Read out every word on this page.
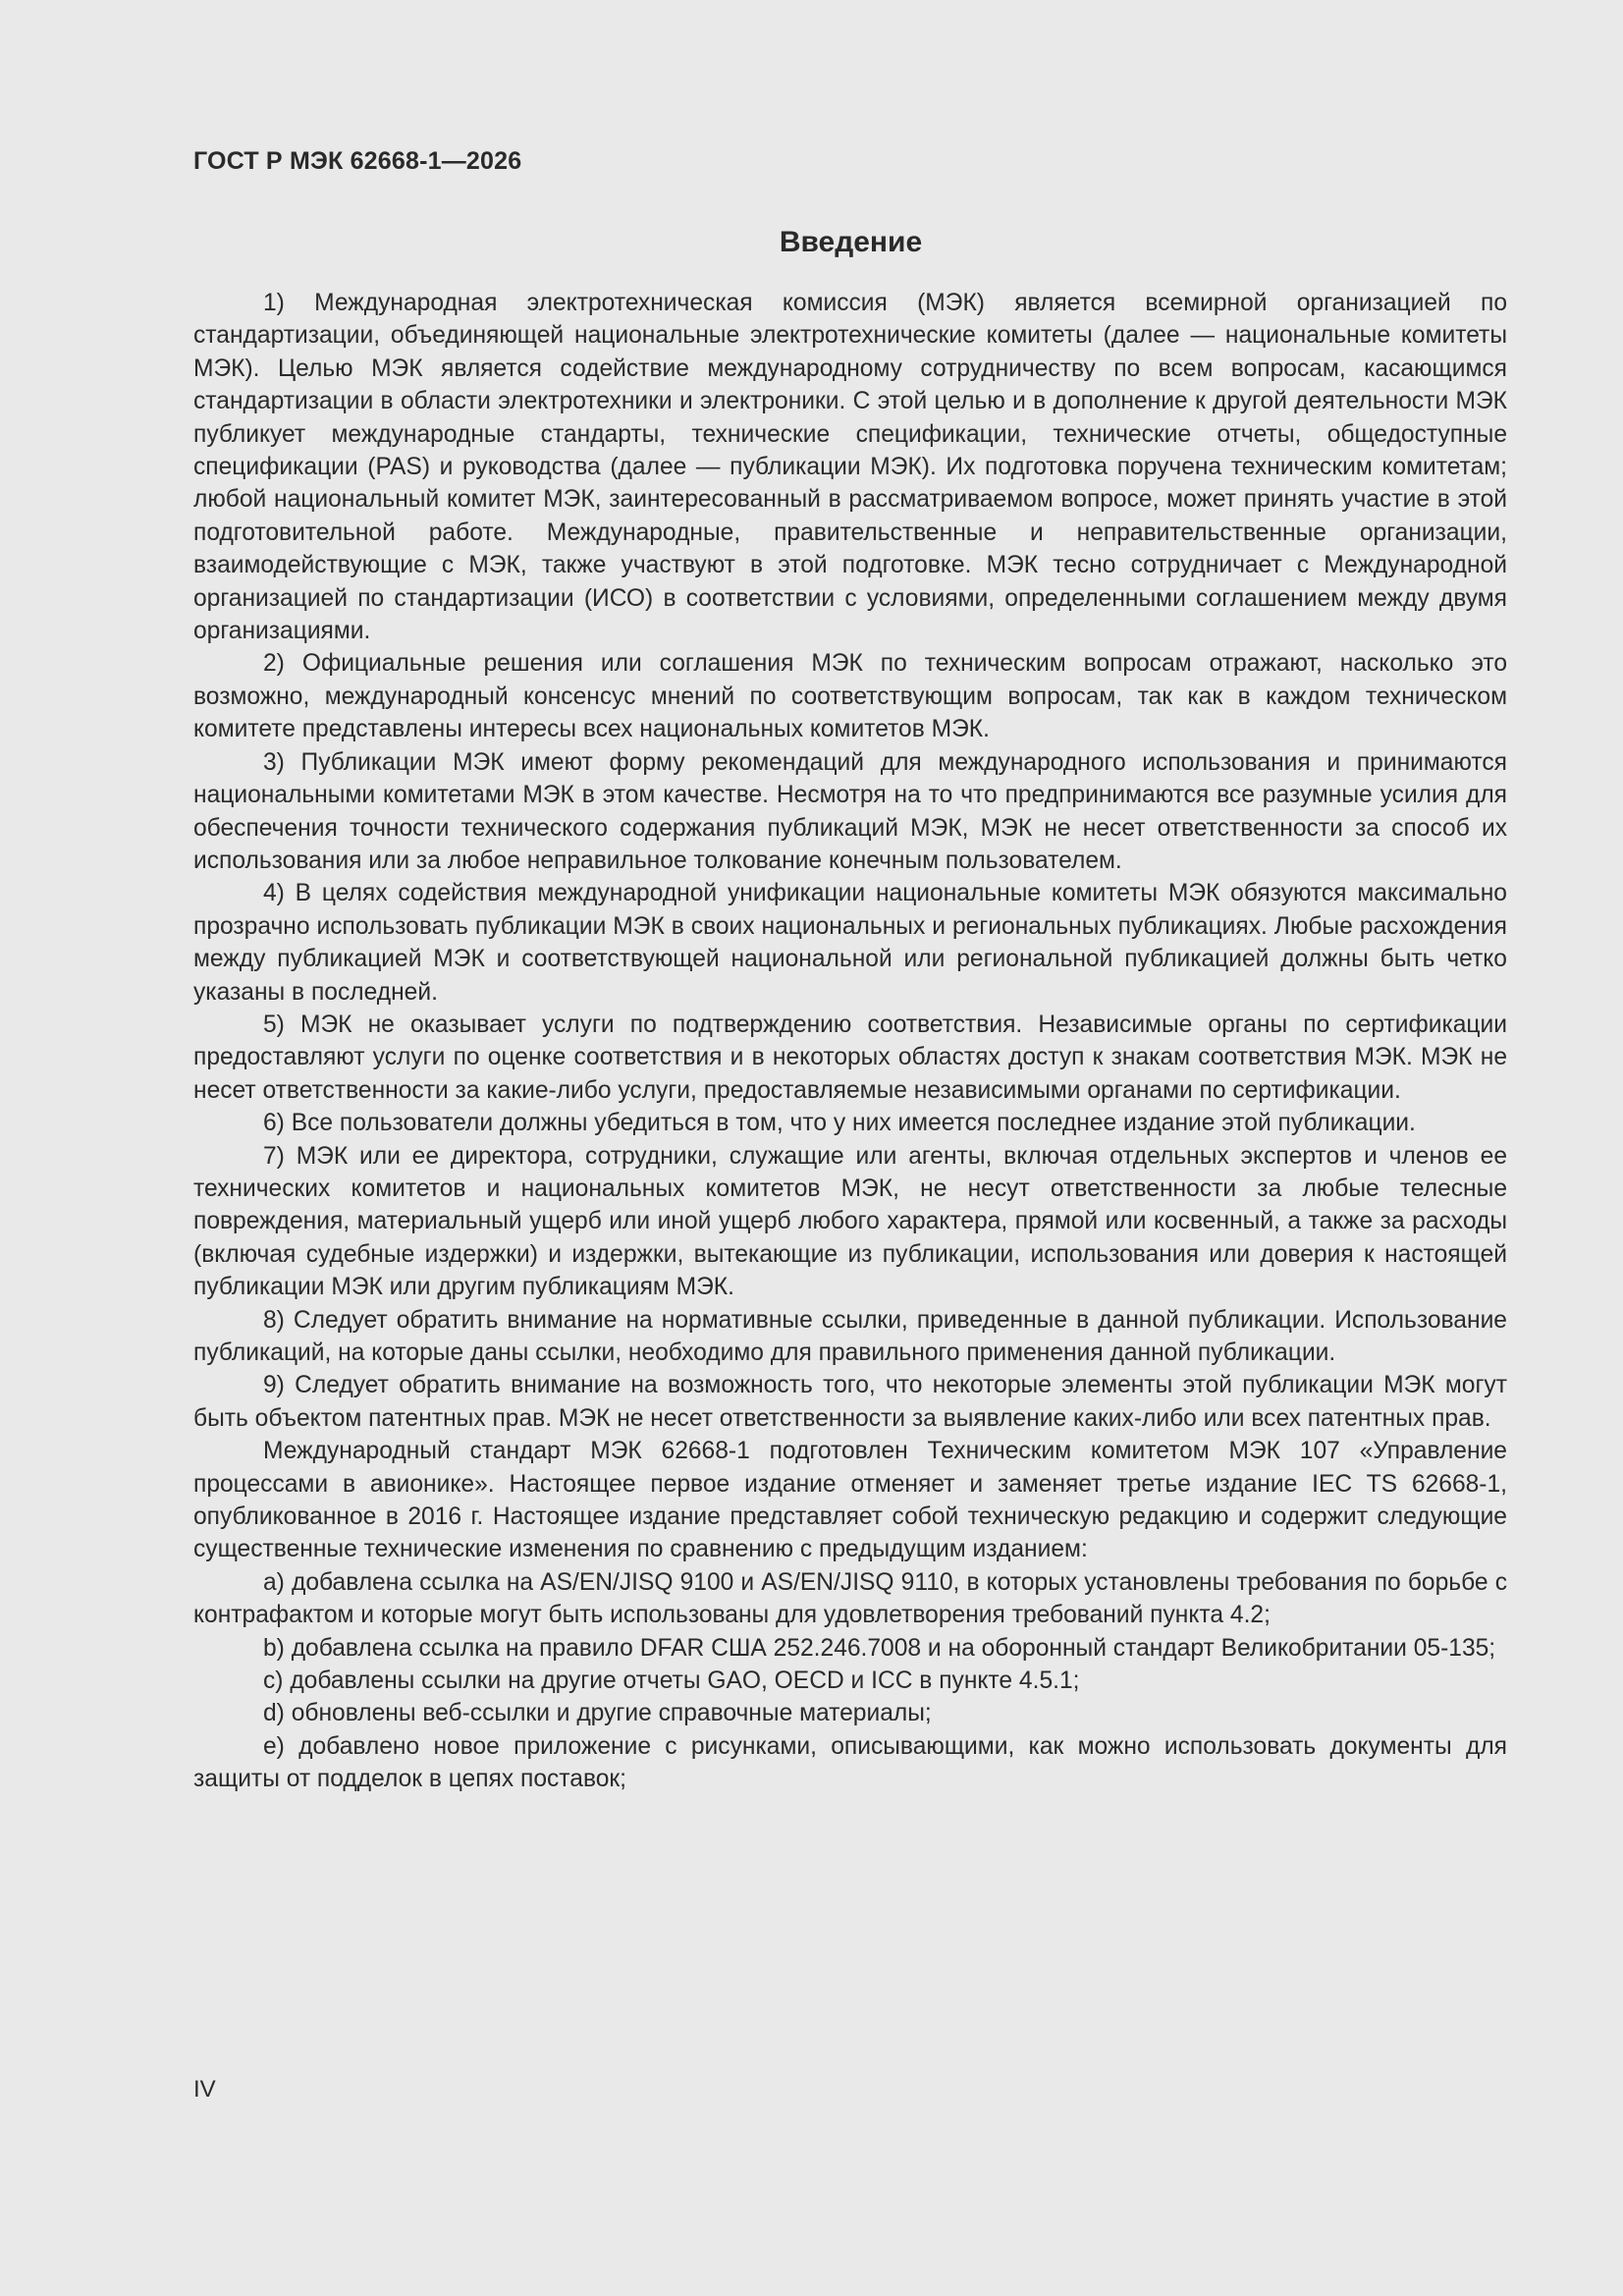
ГОСТ Р МЭК 62668-1—2026
Введение

1) Международная электротехническая комиссия (МЭК) является всемирной организацией по стандартизации, объединяющей национальные электротехнические комитеты (далее — национальные комитеты МЭК). Целью МЭК является содействие международному сотрудничеству по всем вопросам, касающимся стандартизации в области электротехники и электроники. С этой целью и в дополнение к другой деятельности МЭК публикует международные стандарты, технические спецификации, технические отчеты, общедоступные спецификации (PAS) и руководства (далее — публикации МЭК). Их подготовка поручена техническим комитетам; любой национальный комитет МЭК, заинтересованный в рассматриваемом вопросе, может принять участие в этой подготовительной работе. Международные, правительственные и неправительственные организации, взаимодействующие с МЭК, также участвуют в этой подготовке. МЭК тесно сотрудничает с Международной организацией по стандартизации (ИСО) в соответствии с условиями, определенными соглашением между двумя организациями.

2) Официальные решения или соглашения МЭК по техническим вопросам отражают, насколько это возможно, международный консенсус мнений по соответствующим вопросам, так как в каждом техническом комитете представлены интересы всех национальных комитетов МЭК.

3) Публикации МЭК имеют форму рекомендаций для международного использования и принимаются национальными комитетами МЭК в этом качестве. Несмотря на то что предпринимаются все разумные усилия для обеспечения точности технического содержания публикаций МЭК, МЭК не несет ответственности за способ их использования или за любое неправильное толкование конечным пользователем.

4) В целях содействия международной унификации национальные комитеты МЭК обязуются максимально прозрачно использовать публикации МЭК в своих национальных и региональных публикациях. Любые расхождения между публикацией МЭК и соответствующей национальной или региональной публикацией должны быть четко указаны в последней.

5) МЭК не оказывает услуги по подтверждению соответствия. Независимые органы по сертификации предоставляют услуги по оценке соответствия и в некоторых областях доступ к знакам соответствия МЭК. МЭК не несет ответственности за какие-либо услуги, предоставляемые независимыми органами по сертификации.

6) Все пользователи должны убедиться в том, что у них имеется последнее издание этой публикации.

7) МЭК или ее директора, сотрудники, служащие или агенты, включая отдельных экспертов и членов ее технических комитетов и национальных комитетов МЭК, не несут ответственности за любые телесные повреждения, материальный ущерб или иной ущерб любого характера, прямой или косвенный, а также за расходы (включая судебные издержки) и издержки, вытекающие из публикации, использования или доверия к настоящей публикации МЭК или другим публикациям МЭК.

8) Следует обратить внимание на нормативные ссылки, приведенные в данной публикации. Использование публикаций, на которые даны ссылки, необходимо для правильного применения данной публикации.

9) Следует обратить внимание на возможность того, что некоторые элементы этой публикации МЭК могут быть объектом патентных прав. МЭК не несет ответственности за выявление каких-либо или всех патентных прав.

Международный стандарт МЭК 62668-1 подготовлен Техническим комитетом МЭК 107 «Управление процессами в авионике». Настоящее первое издание отменяет и заменяет третье издание IEC TS 62668-1, опубликованное в 2016 г. Настоящее издание представляет собой техническую редакцию и содержит следующие существенные технические изменения по сравнению с предыдущим изданием:

a) добавлена ссылка на AS/EN/JISQ 9100 и AS/EN/JISQ 9110, в которых установлены требования по борьбе с контрафактом и которые могут быть использованы для удовлетворения требований пункта 4.2;

b) добавлена ссылка на правило DFAR США 252.246.7008 и на оборонный стандарт Великобритании 05-135;

c) добавлены ссылки на другие отчеты GAO, OECD и ICC в пункте 4.5.1;

d) обновлены веб-ссылки и другие справочные материалы;

e) добавлено новое приложение с рисунками, описывающими, как можно использовать документы для защиты от подделок в цепях поставок;

IV
